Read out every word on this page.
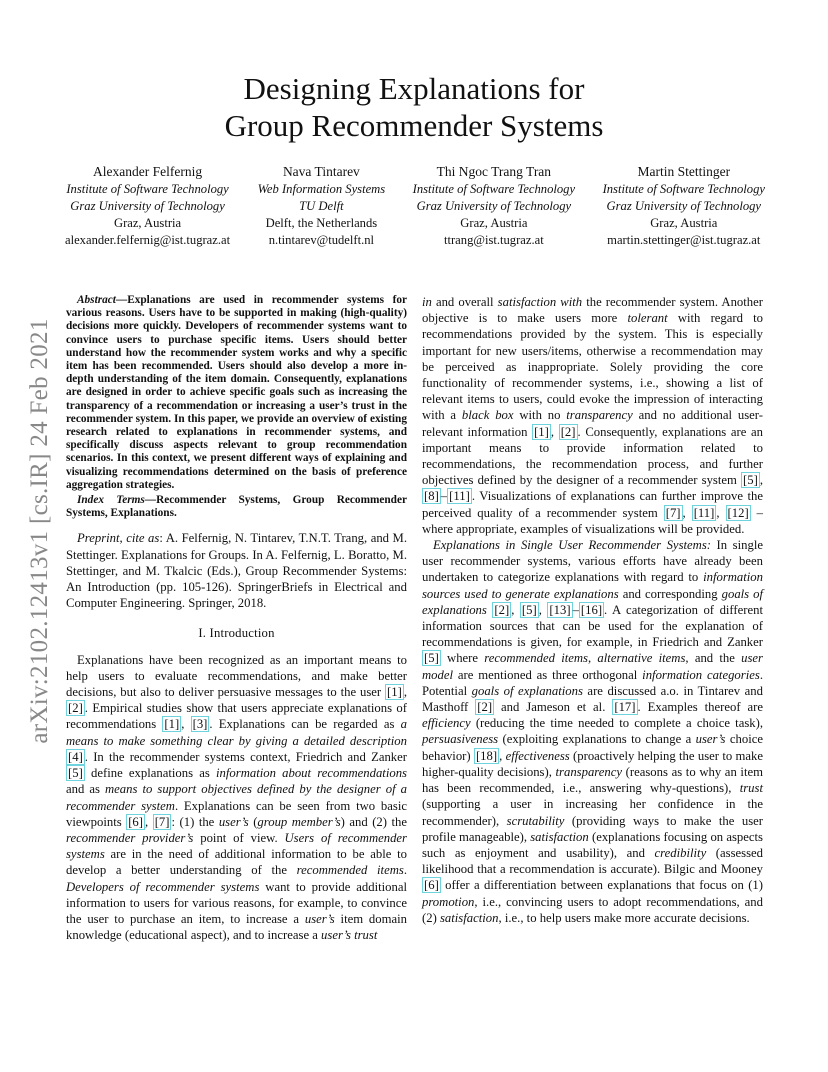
arXiv:2102.12413v1 [cs.IR] 24 Feb 2021
Designing Explanations for
Group Recommender Systems
Alexander Felfernig
Institute of Software Technology
Graz University of Technology
Graz, Austria
alexander.felfernig@ist.tugraz.at
Nava Tintarev
Web Information Systems
TU Delft
Delft, the Netherlands
n.tintarev@tudelft.nl
Thi Ngoc Trang Tran
Institute of Software Technology
Graz University of Technology
Graz, Austria
ttrang@ist.tugraz.at
Martin Stettinger
Institute of Software Technology
Graz University of Technology
Graz, Austria
martin.stettinger@ist.tugraz.at

Abstract—Explanations are used in recommender systems for various reasons. Users have to be supported in making (high-quality) decisions more quickly. Developers of recommender systems want to convince users to purchase specific items. Users should better understand how the recommender system works and why a specific item has been recommended. Users should also develop a more in-depth understanding of the item domain. Consequently, explanations are designed in order to achieve specific goals such as increasing the transparency of a recommendation or increasing a user’s trust in the recommender system. In this paper, we provide an overview of existing research related to explanations in recommender systems, and specifically discuss aspects relevant to group recommendation scenarios. In this context, we present different ways of explaining and visualizing recommendations determined on the basis of preference aggregation strategies.

Index Terms—Recommender Systems, Group Recommender Systems, Explanations.

Preprint, cite as: A. Felfernig, N. Tintarev, T.N.T. Trang, and M. Stettinger. Explanations for Groups. In A. Felfernig, L. Boratto, M. Stettinger, and M. Tkalcic (Eds.), Group Recommender Systems: An Introduction (pp. 105-126). SpringerBriefs in Electrical and Computer Engineering. Springer, 2018.

I. Introduction

Explanations have been recognized as an important means to help users to evaluate recommendations, and make better decisions, but also to deliver persuasive messages to the user [1] , [2] . Empirical studies show that users appreciate explanations of recommendations [1] , [3] . Explanations can be regarded as a means to make something clear by giving a detailed description [4] . In the recommender systems context, Friedrich and Zanker [5] define explanations as information about recommendations and as means to support objectives defined by the designer of a recommender system. Explanations can be seen from two basic viewpoints [6] , [7] : (1) the user’s (group member’s) and (2) the recommender provider’s point of view. Users of recommender systems are in the need of additional information to be able to develop a better understanding of the recommended items. Developers of recommender systems want to provide additional information to users for various reasons, for example, to convince the user to purchase an item, to increase a user’s item domain knowledge (educational aspect), and to increase a user’s trust

in and overall satisfaction with the recommender system. Another objective is to make users more tolerant with regard to recommendations provided by the system. This is especially important for new users/items, otherwise a recommendation may be perceived as inappropriate. Solely providing the core functionality of recommender systems, i.e., showing a list of relevant items to users, could evoke the impression of interacting with a black box with no transparency and no additional user-relevant information [1] , [2] . Consequently, explanations are an important means to provide information related to recommendations, the recommendation process, and further objectives defined by the designer of a recommender system [5] , [8] – [11] . Visualizations of explanations can further improve the perceived quality of a recommender system [7] , [11] , [12] – where appropriate, examples of visualizations will be provided.

Explanations in Single User Recommender Systems: In single user recommender systems, various efforts have already been undertaken to categorize explanations with regard to information sources used to generate explanations and corresponding goals of explanations [2] , [5] , [13] – [16] . A categorization of different information sources that can be used for the explanation of recommendations is given, for example, in Friedrich and Zanker [5] where recommended items, alternative items, and the user model are mentioned as three orthogonal information categories. Potential goals of explanations are discussed a.o. in Tintarev and Masthoff [2] and Jameson et al. [17] . Examples thereof are efficiency (reducing the time needed to complete a choice task), persuasiveness (exploiting explanations to change a user’s choice behavior) [18] , effectiveness (proactively helping the user to make higher-quality decisions), transparency (reasons as to why an item has been recommended, i.e., answering why-questions), trust (supporting a user in increasing her confidence in the recommender), scrutability (providing ways to make the user profile manageable), satisfaction (explanations focusing on aspects such as enjoyment and usability), and credibility (assessed likelihood that a recommendation is accurate). Bilgic and Mooney [6] offer a differentiation between explanations that focus on (1) promotion, i.e., convincing users to adopt recommendations, and (2) satisfaction, i.e., to help users make more accurate decisions.
